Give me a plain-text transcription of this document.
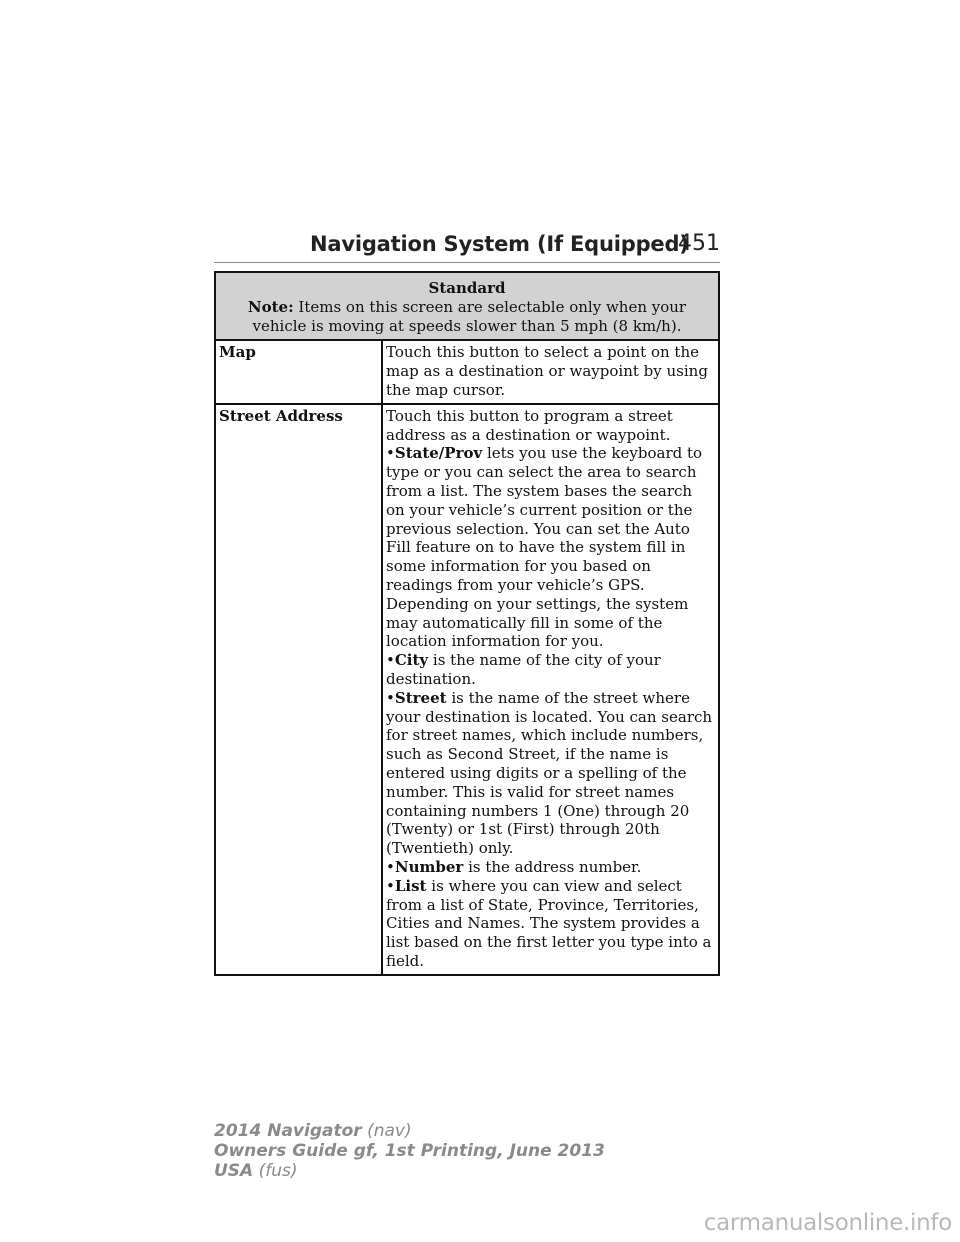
Navigation System (If Equipped)
451
Standard
Note: Items on this screen are selectable only when your vehicle is moving at speeds slower than 5 mph (8 km/h).
Map	Touch this button to select a point on the map as a destination or waypoint by using the map cursor.
Street Address	Touch this button to program a street address as a destination or waypoint.
•State/Prov lets you use the keyboard to type or you can select the area to search from a list. The system bases the search on your vehicle’s current position or the previous selection. You can set the Auto Fill feature on to have the system fill in some information for you based on readings from your vehicle’s GPS. Depending on your settings, the system may automatically fill in some of the location information for you.
•City is the name of the city of your destination.
•Street is the name of the street where your destination is located. You can search for street names, which include numbers, such as Second Street, if the name is entered using digits or a spelling of the number. This is valid for street names containing numbers 1 (One) through 20 (Twenty) or 1st (First) through 20th (Twentieth) only.
•Number is the address number.
•List is where you can view and select from a list of State, Province, Territories, Cities and Names. The system provides a list based on the first letter you type into a field.
2014 Navigator (nav)
Owners Guide gf, 1st Printing, June 2013
USA (fus)
carmanualsonline.info
